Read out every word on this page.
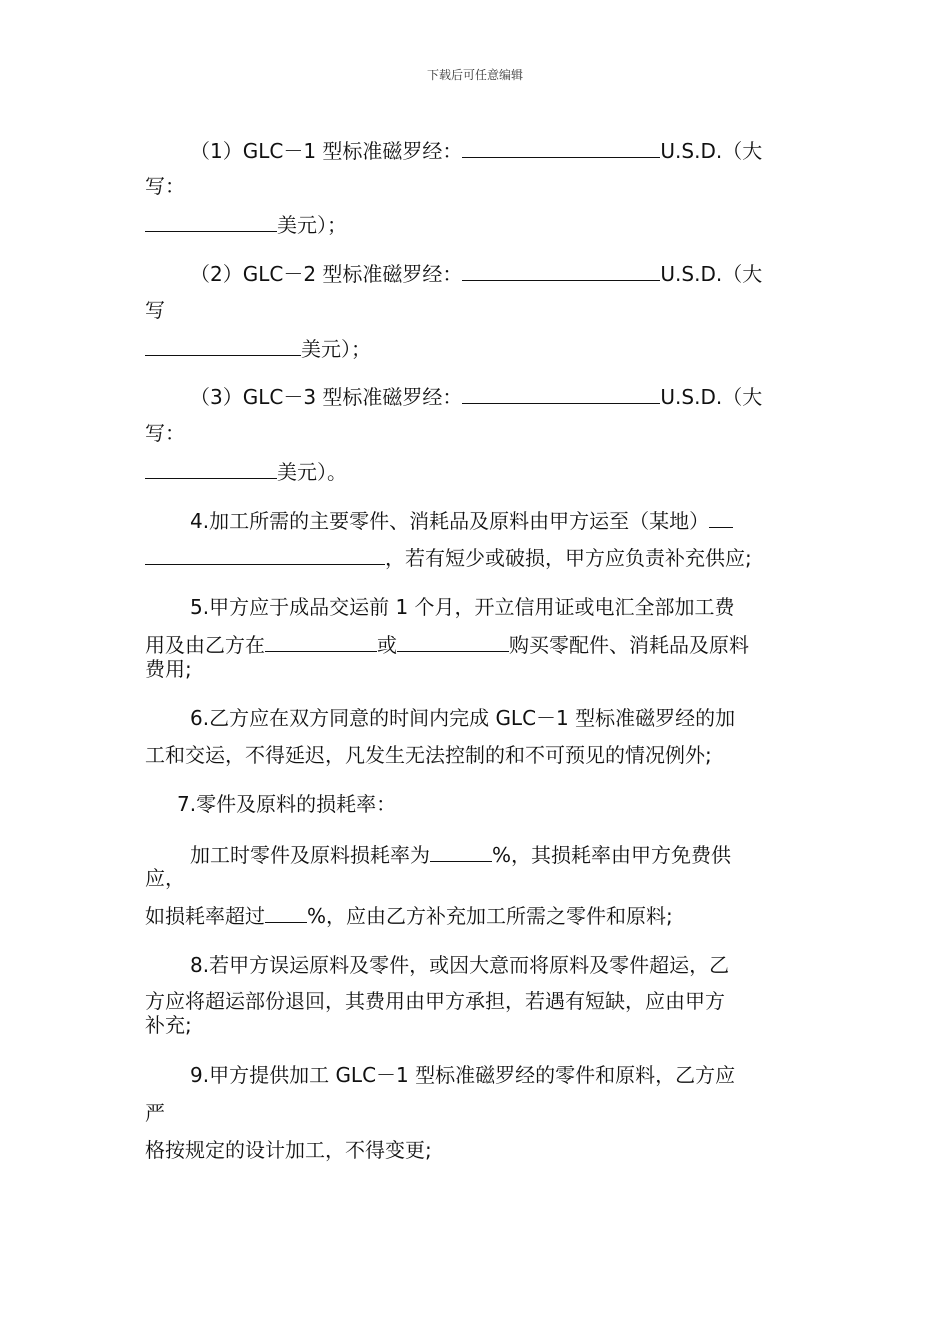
下载后可任意编辑
（1）GLC－1 型标准磁罗经：	U.S.D.（大
写：
美元）；
（2）GLC－2 型标准磁罗经：	U.S.D.（大
写
美元）；
（3）GLC－3 型标准磁罗经：	U.S.D.（大
写：
美元）。
4.加工所需的主要零件、消耗品及原料由甲方运至（某地）
，若有短少或破损，甲方应负责补充供应;
5.甲方应于成品交运前 1 个月，开立信用证或电汇全部加工费
用及由乙方在	或	购买零配件、消耗品及原料
费用;
6.乙方应在双方同意的时间内完成 GLC－1 型标准磁罗经的加
工和交运，不得延迟，凡发生无法控制的和不可预见的情况例外;
7.零件及原料的损耗率：
加工时零件及原料损耗率为	%，其损耗率由甲方免费供
应，
如损耗率超过 %，应由乙方补充加工所需之零件和原料;
8.若甲方误运原料及零件，或因大意而将原料及零件超运，乙
方应将超运部份退回，其费用由甲方承担，若遇有短缺，应由甲方
补充;
9.甲方提供加工 GLC－1 型标准磁罗经的零件和原料，乙方应
严
格按规定的设计加工，不得变更;
